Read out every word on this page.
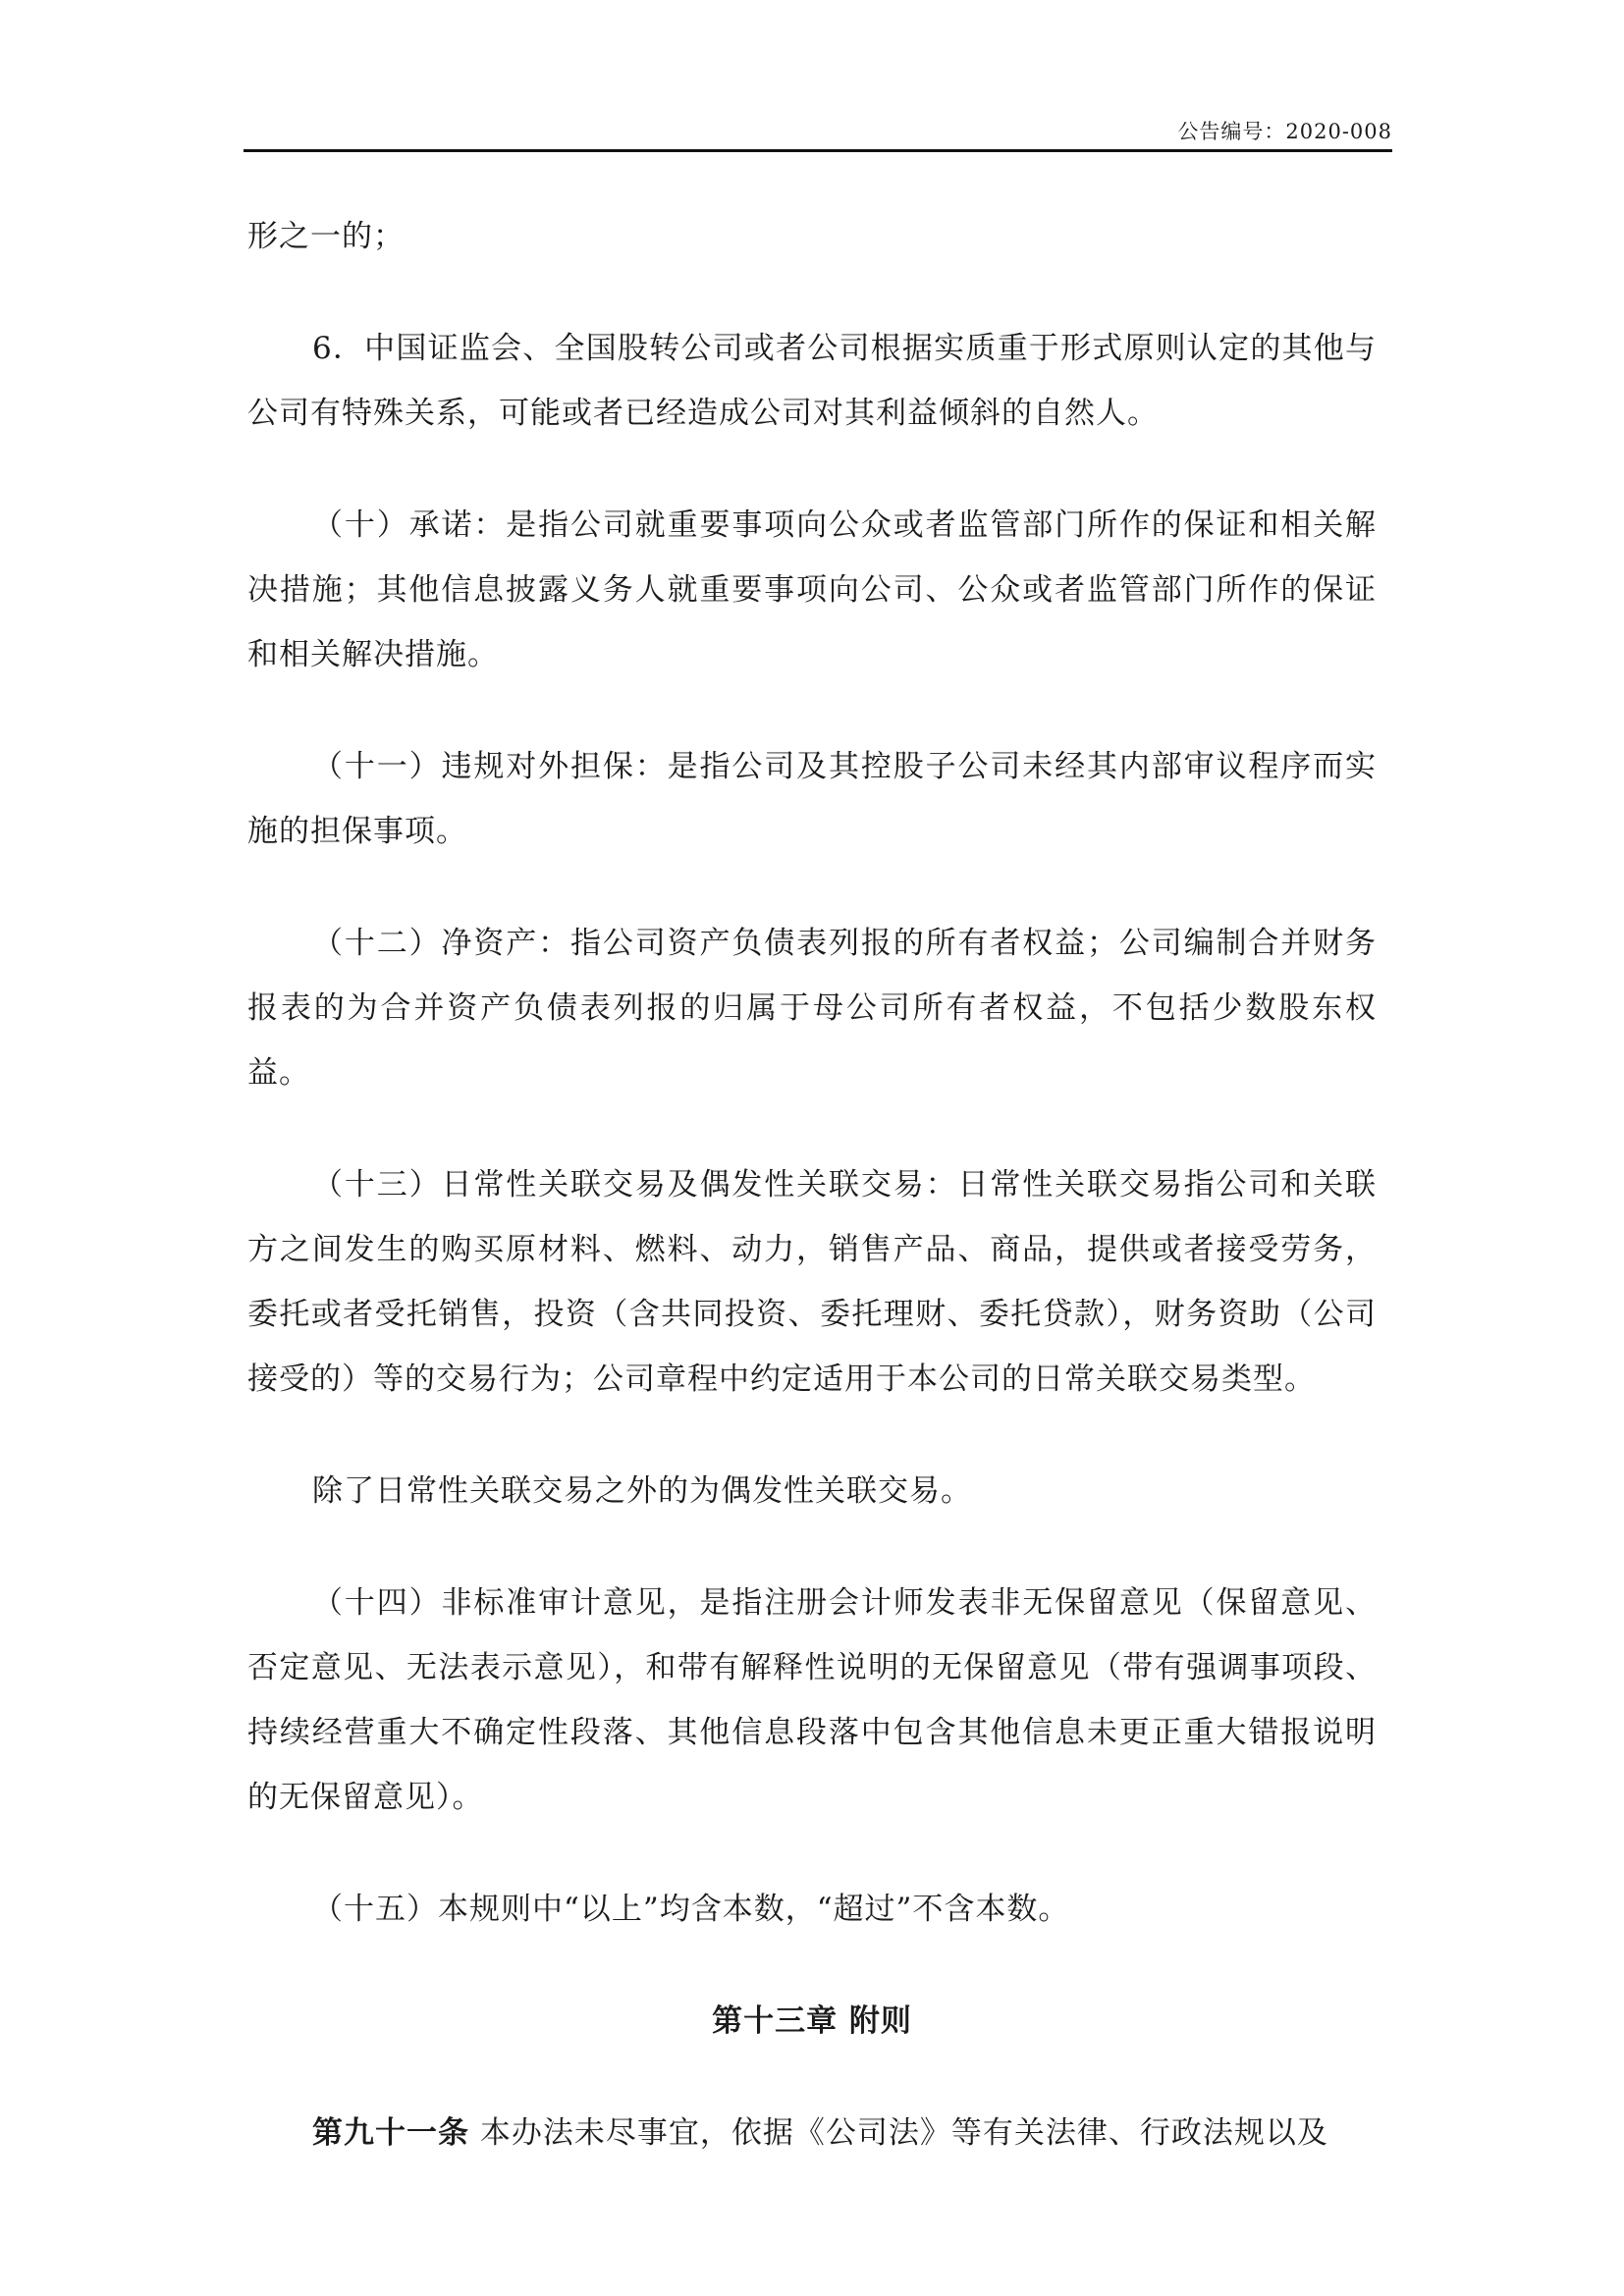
公告编号：2020-008

形之一的；

6．中国证监会、全国股转公司或者公司根据实质重于形式原则认定的其他与公司有特殊关系，可能或者已经造成公司对其利益倾斜的自然人。

（十）承诺：是指公司就重要事项向公众或者监管部门所作的保证和相关解决措施；其他信息披露义务人就重要事项向公司、公众或者监管部门所作的保证和相关解决措施。

（十一）违规对外担保：是指公司及其控股子公司未经其内部审议程序而实施的担保事项。

（十二）净资产：指公司资产负债表列报的所有者权益；公司编制合并财务报表的为合并资产负债表列报的归属于母公司所有者权益，不包括少数股东权益。

（十三）日常性关联交易及偶发性关联交易：日常性关联交易指公司和关联方之间发生的购买原材料、燃料、动力，销售产品、商品，提供或者接受劳务，委托或者受托销售，投资（含共同投资、委托理财、委托贷款），财务资助（公司接受的）等的交易行为；公司章程中约定适用于本公司的日常关联交易类型。

除了日常性关联交易之外的为偶发性关联交易。

（十四）非标准审计意见，是指注册会计师发表非无保留意见（保留意见、否定意见、无法表示意见），和带有解释性说明的无保留意见（带有强调事项段、持续经营重大不确定性段落、其他信息段落中包含其他信息未更正重大错报说明的无保留意见）。

（十五）本规则中“以上”均含本数，“超过”不含本数。

第十三章 附则

第九十一条 本办法未尽事宜，依据《公司法》等有关法律、行政法规以及
